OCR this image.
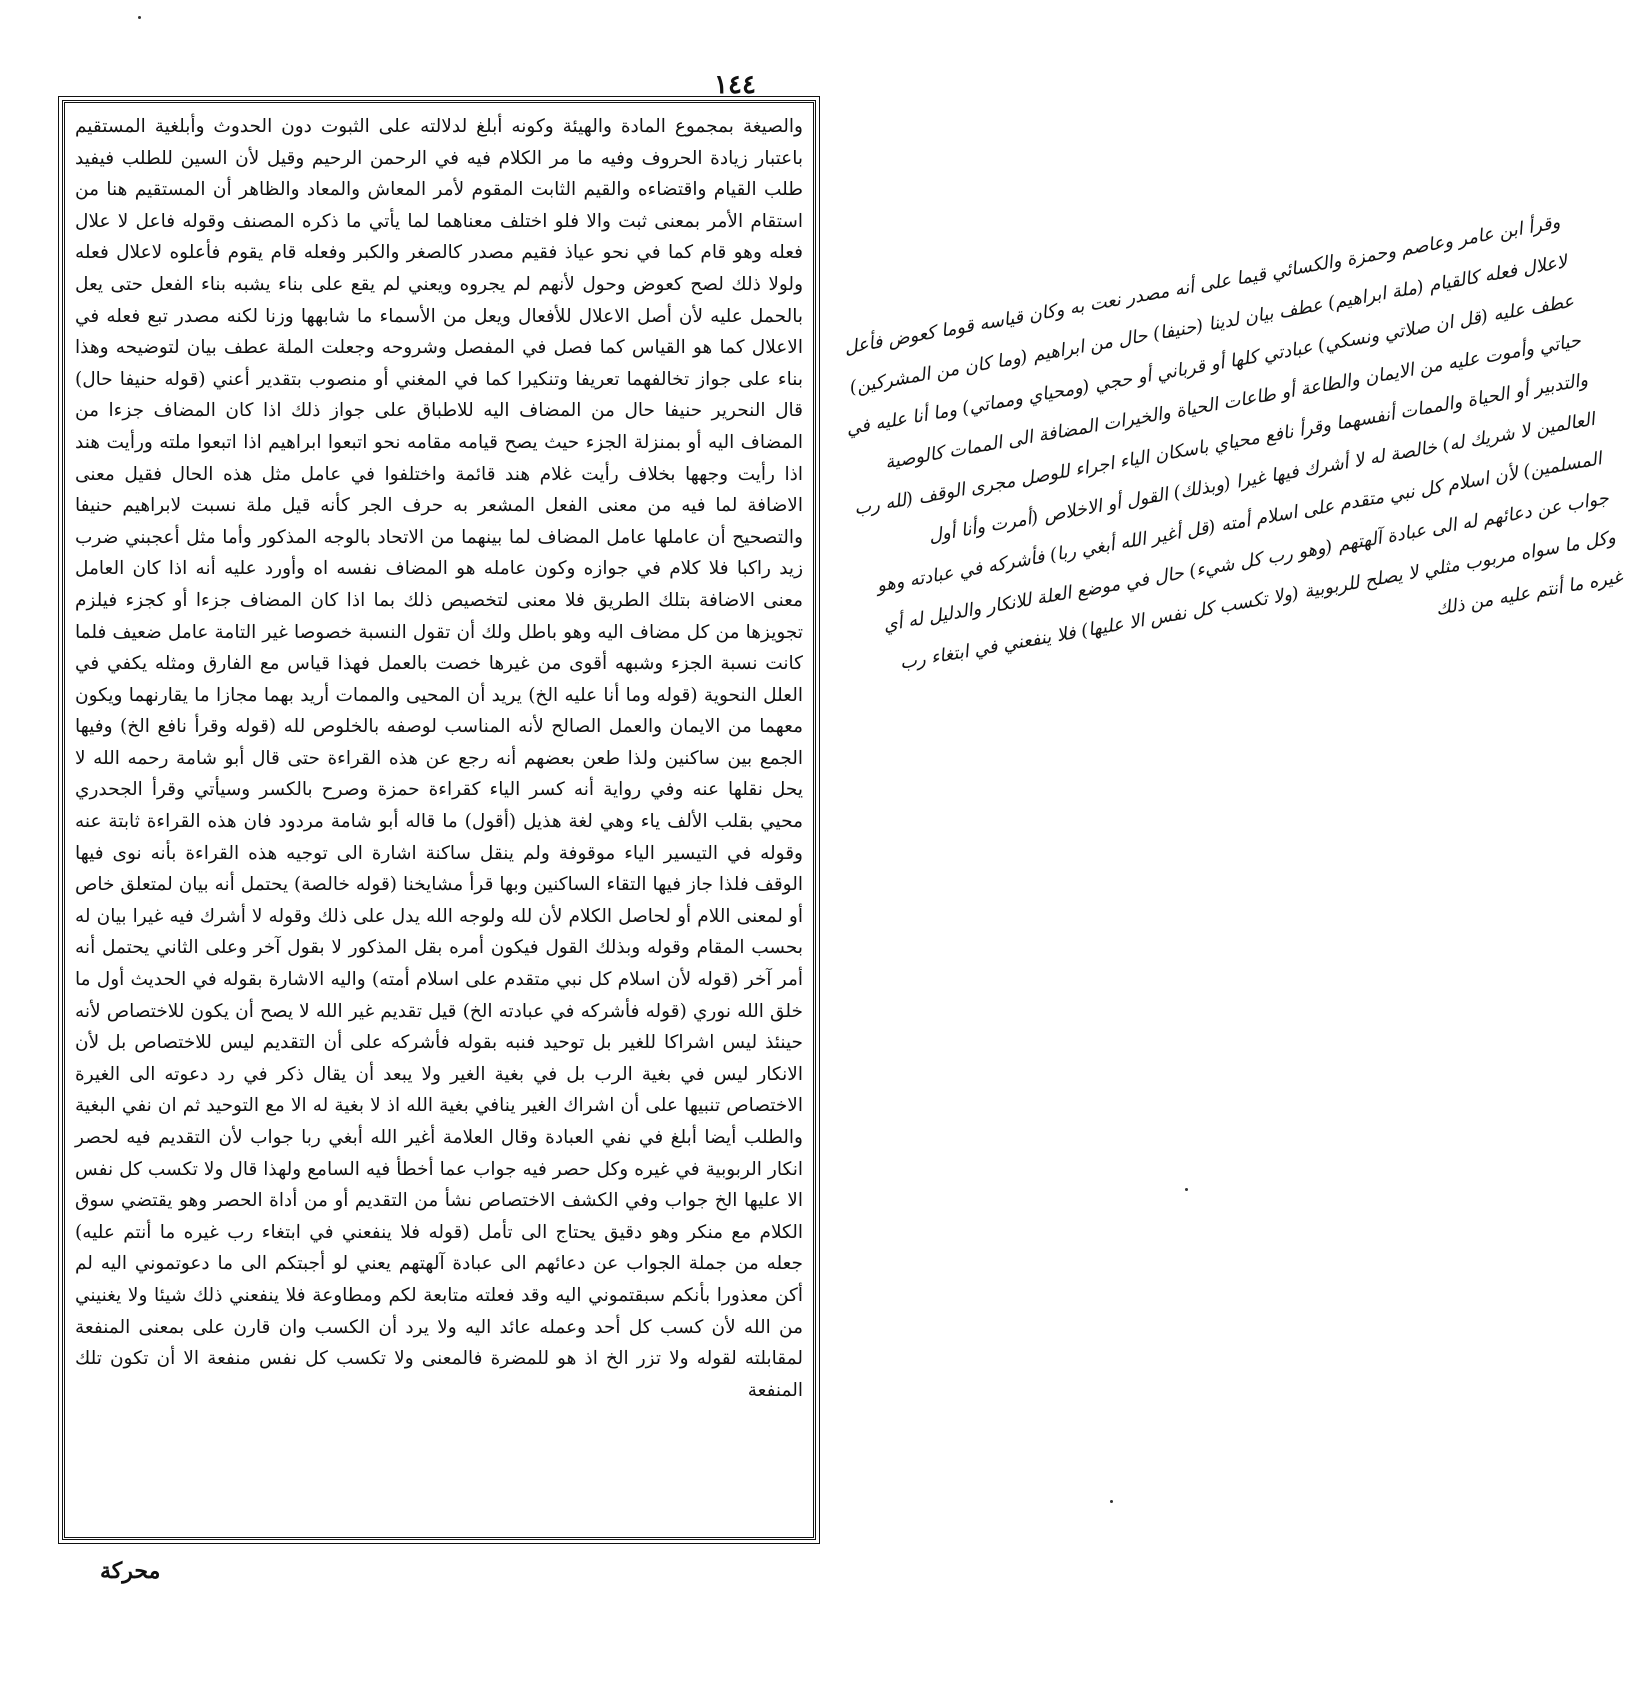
١٤٤

والصيغة بمجموع المادة والهيئة وكونه أبلغ لدلالته على الثبوت دون الحدوث وأبلغية المستقيم باعتبار زيادة الحروف وفيه ما مر الكلام فيه في الرحمن الرحيم وقيل لأن السين للطلب فيفيد طلب القيام واقتضاءه والقيم الثابت المقوم لأمر المعاش والمعاد والظاهر أن المستقيم هنا من استقام الأمر بمعنى ثبت والا فلو اختلف معناهما لما يأتي ما ذكره المصنف وقوله فاعل لا علال فعله وهو قام كما في نحو عياذ فقيم مصدر كالصغر والكبر وفعله قام يقوم فأعلوه لاعلال فعله ولولا ذلك لصح كعوض وحول لأنهم لم يجروه ويعني لم يقع على بناء يشبه بناء الفعل حتى يعل بالحمل عليه لأن أصل الاعلال للأفعال ويعل من الأسماء ما شابهها وزنا لكنه مصدر تبع فعله في الاعلال كما هو القياس كما فصل في المفصل وشروحه وجعلت الملة عطف بيان لتوضيحه وهذا بناء على جواز تخالفهما تعريفا وتنكيرا كما في المغني أو منصوب بتقدير أعني (قوله حنيفا حال) قال النحرير حنيفا حال من المضاف اليه للاطباق على جواز ذلك اذا كان المضاف جزءا من المضاف اليه أو بمنزلة الجزء حيث يصح قيامه مقامه نحو اتبعوا ابراهيم اذا اتبعوا ملته ورأيت هند اذا رأيت وجهها بخلاف رأيت غلام هند قائمة واختلفوا في عامل مثل هذه الحال فقيل معنى الاضافة لما فيه من معنى الفعل المشعر به حرف الجر كأنه قيل ملة نسبت لابراهيم حنيفا والتصحيح أن عاملها عامل المضاف لما بينهما من الاتحاد بالوجه المذكور وأما مثل أعجبني ضرب زيد راكبا فلا كلام في جوازه وكون عامله هو المضاف نفسه اه وأورد عليه أنه اذا كان العامل معنى الاضافة بتلك الطريق فلا معنى لتخصيص ذلك بما اذا كان المضاف جزءا أو كجزء فيلزم تجويزها من كل مضاف اليه وهو باطل ولك أن تقول النسبة خصوصا غير التامة عامل ضعيف فلما كانت نسبة الجزء وشبهه أقوى من غيرها خصت بالعمل فهذا قياس مع الفارق ومثله يكفي في العلل النحوية (قوله وما أنا عليه الخ) يريد أن المحيى والممات أريد بهما مجازا ما يقارنهما ويكون معهما من الايمان والعمل الصالح لأنه المناسب لوصفه بالخلوص لله (قوله وقرأ نافع الخ) وفيها الجمع بين ساكنين ولذا طعن بعضهم أنه رجع عن هذه القراءة حتى قال أبو شامة رحمه الله لا يحل نقلها عنه وفي رواية أنه كسر الياء كقراءة حمزة وصرح بالكسر وسيأتي وقرأ الجحدري محيي بقلب الألف ياء وهي لغة هذيل (أقول) ما قاله أبو شامة مردود فان هذه القراءة ثابتة عنه وقوله في التيسير الياء موقوفة ولم ينقل ساكنة اشارة الى توجيه هذه القراءة بأنه نوى فيها الوقف فلذا جاز فيها التقاء الساكنين وبها قرأ مشايخنا (قوله خالصة) يحتمل أنه بيان لمتعلق خاص أو لمعنى اللام أو لحاصل الكلام لأن لله ولوجه الله يدل على ذلك وقوله لا أشرك فيه غيرا بيان له بحسب المقام وقوله وبذلك القول فيكون أمره بقل المذكور لا بقول آخر وعلى الثاني يحتمل أنه أمر آخر (قوله لأن اسلام كل نبي متقدم على اسلام أمته) واليه الاشارة بقوله في الحديث أول ما خلق الله نوري (قوله فأشركه في عبادته الخ) قيل تقديم غير الله لا يصح أن يكون للاختصاص لأنه حينئذ ليس اشراكا للغير بل توحيد فنبه بقوله فأشركه على أن التقديم ليس للاختصاص بل لأن الانكار ليس في بغية الرب بل في بغية الغير ولا يبعد أن يقال ذكر في رد دعوته الى الغيرة الاختصاص تنبيها على أن اشراك الغير ينافي بغية الله اذ لا بغية له الا مع التوحيد ثم ان نفي البغية والطلب أيضا أبلغ في نفي العبادة وقال العلامة أغير الله أبغي ربا جواب لأن التقديم فيه لحصر انكار الربوبية في غيره وكل حصر فيه جواب عما أخطأ فيه السامع ولهذا قال ولا تكسب كل نفس الا عليها الخ جواب وفي الكشف الاختصاص نشأ من التقديم أو من أداة الحصر وهو يقتضي سوق الكلام مع منكر وهو دقيق يحتاج الى تأمل (قوله فلا ينفعني في ابتغاء رب غيره ما أنتم عليه) جعله من جملة الجواب عن دعائهم الى عبادة آلهتهم يعني لو أجبتكم الى ما دعوتموني اليه لم أكن معذورا بأنكم سبقتموني اليه وقد فعلته متابعة لكم ومطاوعة فلا ينفعني ذلك شيئا ولا يغنيني من الله لأن كسب كل أحد وعمله عائد اليه ولا يرد أن الكسب وان قارن على بمعنى المنفعة لمقابلته لقوله ولا تزر الخ اذ هو للمضرة فالمعنى ولا تكسب كل نفس منفعة الا أن تكون تلك المنفعة

وقرأ ابن عامر وعاصم وحمزة والكسائي قيما على أنه مصدر نعت به وكان قياسه قوما كعوض فأعل لاعلال فعله كالقيام (ملة ابراهيم) عطف بيان لدينا (حنيفا) حال من ابراهيم (وما كان من المشركين) عطف عليه (قل ان صلاتي ونسكي) عبادتي كلها أو قرباني أو حجي (ومحياي ومماتي) وما أنا عليه في حياتي وأموت عليه من الايمان والطاعة أو طاعات الحياة والخيرات المضافة الى الممات كالوصية والتدبير أو الحياة والممات أنفسهما وقرأ نافع محياي باسكان الياء اجراء للوصل مجرى الوقف (لله رب العالمين لا شريك له) خالصة له لا أشرك فيها غيرا (وبذلك) القول أو الاخلاص (أمرت وأنا أول المسلمين) لأن اسلام كل نبي متقدم على اسلام أمته (قل أغير الله أبغي ربا) فأشركه في عبادته وهو جواب عن دعائهم له الى عبادة آلهتهم (وهو رب كل شيء) حال في موضع العلة للانكار والدليل له أي وكل ما سواه مربوب مثلي لا يصلح للربوبية (ولا تكسب كل نفس الا عليها) فلا ينفعني في ابتغاء رب غيره ما أنتم عليه من ذلك

محركة
